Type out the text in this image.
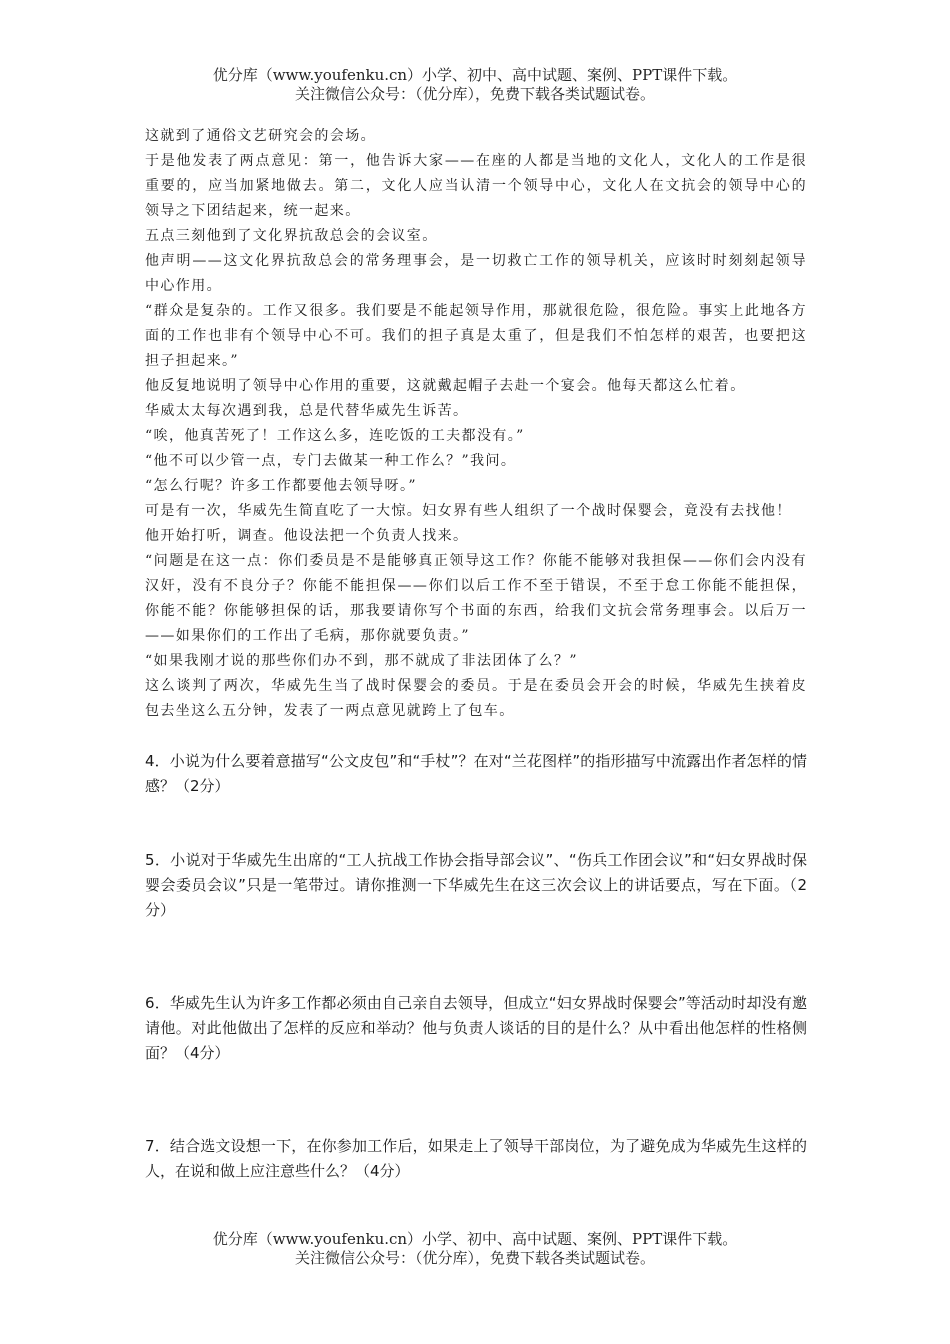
优分库（www.youfenku.cn）小学、初中、高中试题、案例、PPT课件下载。
关注微信公众号：（优分库），免费下载各类试题试卷。

这就到了通俗文艺研究会的会场。

于是他发表了两点意见：第一，他告诉大家——在座的人都是当地的文化人，文化人的工作是很重要的，应当加紧地做去。第二，文化人应当认清一个领导中心，文化人在文抗会的领导中心的领导之下团结起来，统一起来。

五点三刻他到了文化界抗敌总会的会议室。

他声明——这文化界抗敌总会的常务理事会，是一切救亡工作的领导机关，应该时时刻刻起领导中心作用。

“群众是复杂的。工作又很多。我们要是不能起领导作用，那就很危险，很危险。事实上此地各方面的工作也非有个领导中心不可。我们的担子真是太重了，但是我们不怕怎样的艰苦，也要把这担子担起来。”

他反复地说明了领导中心作用的重要，这就戴起帽子去赴一个宴会。他每天都这么忙着。

华威太太每次遇到我，总是代替华威先生诉苦。

“唉，他真苦死了！工作这么多，连吃饭的工夫都没有。”

“他不可以少管一点，专门去做某一种工作么？”我问。

“怎么行呢？许多工作都要他去领导呀。”

可是有一次，华威先生简直吃了一大惊。妇女界有些人组织了一个战时保婴会，竟没有去找他！

他开始打听，调查。他设法把一个负责人找来。

“问题是在这一点：你们委员是不是能够真正领导这工作？你能不能够对我担保——你们会内没有汉奸，没有不良分子？你能不能担保——你们以后工作不至于错误，不至于怠工你能不能担保，你能不能？你能够担保的话，那我要请你写个书面的东西，给我们文抗会常务理事会。以后万一——如果你们的工作出了毛病，那你就要负责。”

“如果我刚才说的那些你们办不到，那不就成了非法团体了么？”

这么谈判了两次，华威先生当了战时保婴会的委员。于是在委员会开会的时候，华威先生挟着皮包去坐这么五分钟，发表了一两点意见就跨上了包车。

4．小说为什么要着意描写“公文皮包”和“手杖”？在对“兰花图样”的指形描写中流露出作者怎样的情感？（2分）

5．小说对于华威先生出席的“工人抗战工作协会指导部会议”、“伤兵工作团会议”和“妇女界战时保婴会委员会议”只是一笔带过。请你推测一下华威先生在这三次会议上的讲话要点，写在下面。（2分）

6．华威先生认为许多工作都必须由自己亲自去领导，但成立“妇女界战时保婴会”等活动时却没有邀请他。对此他做出了怎样的反应和举动？他与负责人谈话的目的是什么？从中看出他怎样的性格侧面？（4分）

7．结合选文设想一下，在你参加工作后，如果走上了领导干部岗位，为了避免成为华威先生这样的人，在说和做上应注意些什么？（4分）

优分库（www.youfenku.cn）小学、初中、高中试题、案例、PPT课件下载。
关注微信公众号：（优分库），免费下载各类试题试卷。
